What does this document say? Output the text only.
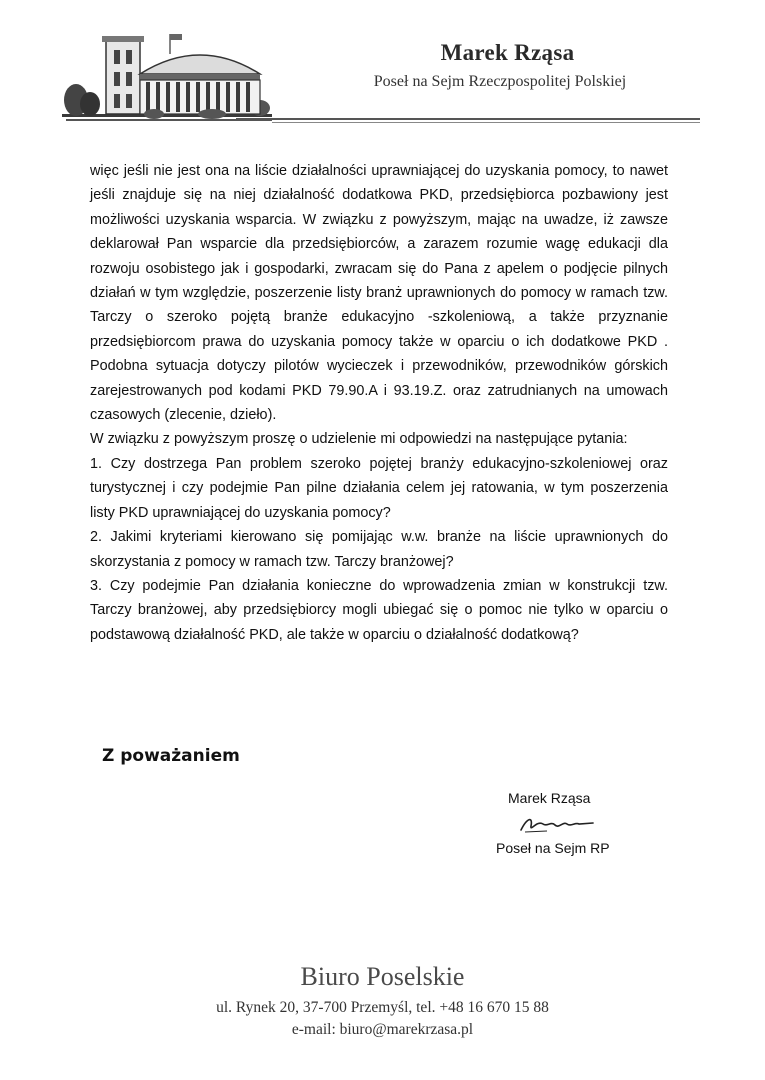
Marek Rząsa
Poseł na Sejm Rzeczpospolitej Polskiej

więc jeśli nie jest ona na liście działalności uprawniającej do uzyskania pomocy, to nawet jeśli znajduje się na niej działalność dodatkowa PKD, przedsiębiorca pozbawiony jest możliwości uzyskania wsparcia. W związku z powyższym, mając na uwadze, iż zawsze deklarował Pan wsparcie dla przedsiębiorców, a zarazem rozumie wagę edukacji dla rozwoju osobistego jak i gospodarki, zwracam się do Pana z apelem o podjęcie pilnych działań w tym względzie, poszerzenie listy branż uprawnionych do pomocy w ramach tzw. Tarczy o szeroko pojętą branże edukacyjno -szkoleniową, a także przyznanie przedsiębiorcom prawa do uzyskania pomocy także w oparciu o ich dodatkowe PKD . Podobna sytuacja dotyczy pilotów wycieczek i przewodników, przewodników górskich zarejestrowanych pod kodami PKD 79.90.A i 93.19.Z. oraz zatrudnianych na umowach czasowych (zlecenie, dzieło).

W związku z powyższym proszę o udzielenie mi odpowiedzi na następujące pytania:

1. Czy dostrzega Pan problem szeroko pojętej branży edukacyjno-szkoleniowej oraz turystycznej i czy podejmie Pan pilne działania celem jej ratowania, w tym poszerzenia listy PKD uprawniającej do uzyskania pomocy?

2. Jakimi kryteriami kierowano się pomijając w.w. branże na liście uprawnionych do skorzystania z pomocy w ramach tzw. Tarczy branżowej?

3. Czy podejmie Pan działania konieczne do wprowadzenia zmian w konstrukcji tzw. Tarczy branżowej, aby przedsiębiorcy mogli ubiegać się o pomoc nie tylko w oparciu o podstawową działalność PKD, ale także w oparciu o działalność dodatkową?

Z poważaniem
Marek Rząsa
Poseł na Sejm RP
Biuro Poselskie
ul. Rynek 20, 37-700 Przemyśl, tel. +48 16 670 15 88
e-mail: biuro@marekrzasa.pl
